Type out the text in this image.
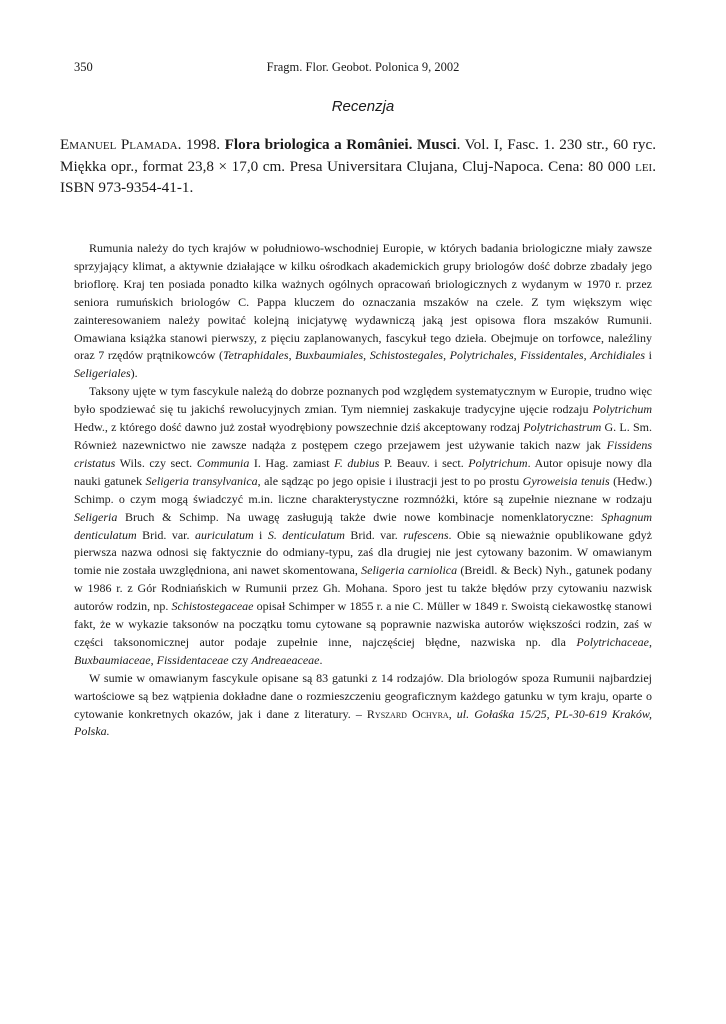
350	Fragm. Flor. Geobot. Polonica 9, 2002
Recenzja
Emanuel Plamada. 1998. Flora briologica a României. Musci. Vol. I, Fasc. 1. 230 str., 60 ryc. Miękka opr., format 23,8 × 17,0 cm. Presa Universitara Clujana, Cluj-Napoca. Cena: 80 000 lei. ISBN 973-9354-41-1.

Rumunia należy do tych krajów w południowo-wschodniej Europie, w których badania briologiczne miały zawsze sprzyjający klimat, a aktywnie działające w kilku ośrodkach akademickich grupy briologów dość dobrze zbadały jego brioflorę. Kraj ten posiada ponadto kilka ważnych ogólnych opracowań briologicznych z wydanym w 1970 r. przez seniora rumuńskich briologów C. Pappa kluczem do oznaczania mszaków na czele. Z tym większym więc zainteresowaniem należy powitać kolejną inicjatywę wydawniczą jaką jest opisowa flora mszaków Rumunii. Omawiana książka stanowi pierwszy, z pięciu zaplanowanych, fascykuł tego dzieła. Obejmuje on torfowce, nalеźliny oraz 7 rzędów prątnikowców (Tetraphidales, Buxbaumiales, Schistostegales, Polytrichales, Fissidentales, Archidiales i Seligeriales).

Taksony ujęte w tym fascykule należą do dobrze poznanych pod względem systematycznym w Europie, trudno więc było spodziewać się tu jakichś rewolucyjnych zmian. Tym niemniej zaskakuje tradycyjne ujęcie rodzaju Polytrichum Hedw., z którego dość dawno już został wyodrębiony powszechnie dziś akceptowany rodzaj Polytrichastrum G. L. Sm. Również nazewnictwo nie zawsze nadąża z postępem czego przejawem jest używanie takich nazw jak Fissidens cristatus Wils. czy sect. Communia I. Hag. zamiast F. dubius P. Beauv. i sect. Polytrichum. Autor opisuje nowy dla nauki gatunek Seligeria transylvanica, ale sądząc po jego opisie i ilustracji jest to po prostu Gyroweisia tenuis (Hedw.) Schimp. o czym mogą świadczyć m.in. liczne charakterystyczne rozmnóżki, które są zupełnie nieznane w rodzaju Seligeria Bruch & Schimp. Na uwagę zasługują także dwie nowe kombinacje nomenklatoryczne: Sphagnum denticulatum Brid. var. auriculatum i S. denticulatum Brid. var. rufescens. Obie są nieważnie opublikowane gdyż pierwsza nazwa odnosi się faktycznie do odmiany-typu, zaś dla drugiej nie jest cytowany bazonim. W omawianym tomie nie została uwzględniona, ani nawet skomentowana, Seligeria carniolica (Breidl. & Beck) Nyh., gatunek podany w 1986 r. z Gór Rodniańskich w Rumunii przez Gh. Mohana. Sporo jest tu także błędów przy cytowaniu nazwisk autorów rodzin, np. Schistostegaceae opisał Schimper w 1855 r. a nie C. Müller w 1849 r. Swoistą ciekawostkę stanowi fakt, że w wykazie taksonów na początku tomu cytowane są poprawnie nazwiska autorów większości rodzin, zaś w części taksonomicznej autor podaje zupełnie inne, najczęściej błędne, nazwiska np. dla Polytrichaceae, Buxbaumiaceae, Fissidentaceae czy Andreaeaceae.

W sumie w omawianym fascykule opisane są 83 gatunki z 14 rodzajów. Dla briologów spoza Rumunii najbardziej wartościowe są bez wątpienia dokładne dane o rozmieszczeniu geograficznym każdego gatunku w tym kraju, oparte o cytowanie konkretnych okazów, jak i dane z literatury. – Ryszard Ochyra, ul. Gołaśka 15/25, PL-30-619 Kraków, Polska.
